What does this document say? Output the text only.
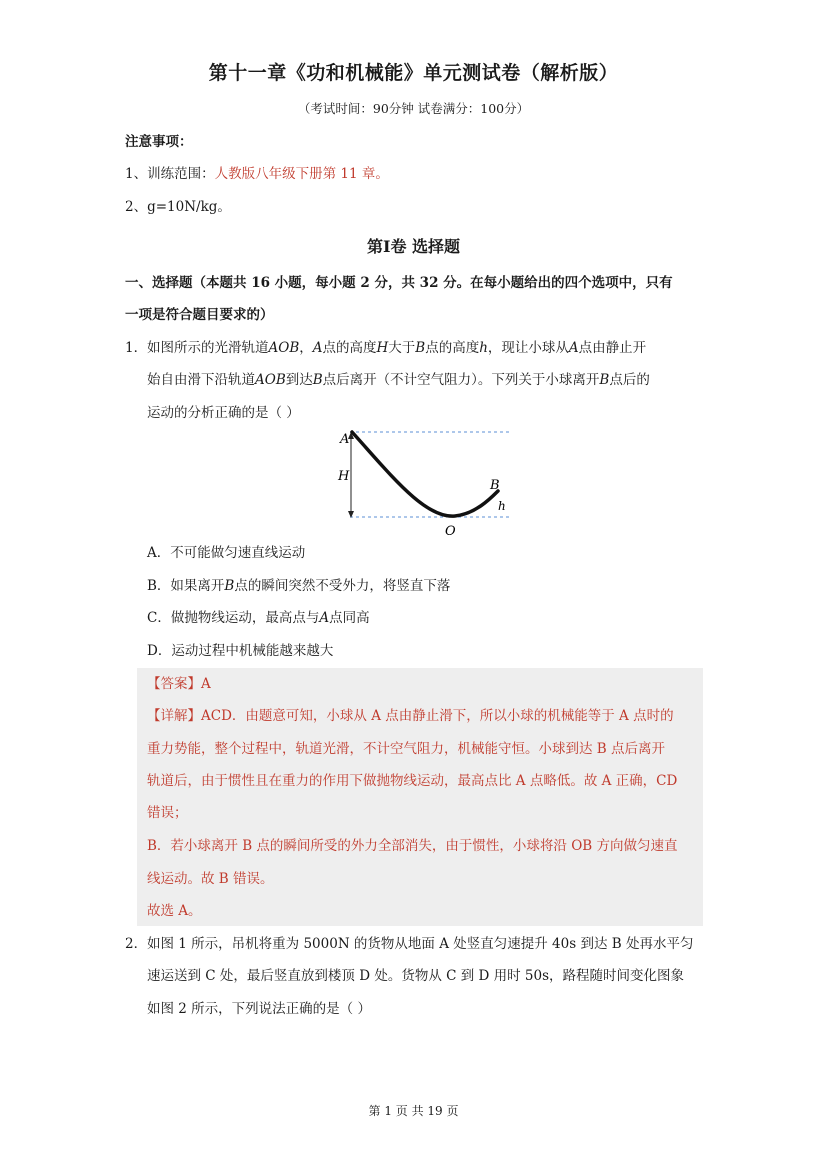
第十一章《功和机械能》单元测试卷（解析版）
（考试时间：90分钟 试卷满分：100分）
注意事项：
1、训练范围：人教版八年级下册第 11 章。
2、g=10N/kg。
第Ⅰ卷 选择题
一、选择题（本题共 16 小题，每小题 2 分，共 32 分。在每小题给出的四个选项中，只有
一项是符合题目要求的）
1． 如图所示的光滑轨道AOB，A点的高度H大于B点的高度h，现让小球从A点由静止开
始自由滑下沿轨道AOB到达B点后离开（不计空气阻力）。下列关于小球离开B点后的
运动的分析正确的是（ ）
A
H
B
h
O
A．不可能做匀速直线运动
B．如果离开B点的瞬间突然不受外力，将竖直下落
C．做抛物线运动，最高点与A点同高
D．运动过程中机械能越来越大
【答案】A
【详解】ACD．由题意可知，小球从 A 点由静止滑下，所以小球的机械能等于 A 点时的
重力势能，整个过程中，轨道光滑，不计空气阻力，机械能守恒。小球到达 B 点后离开
轨道后，由于惯性且在重力的作用下做抛物线运动，最高点比 A 点略低。故 A 正确，CD
错误；
B．若小球离开 B 点的瞬间所受的外力全部消失，由于惯性，小球将沿 OB 方向做匀速直
线运动。故 B 错误。
故选 A。
2． 如图 1 所示，吊机将重为 5000N 的货物从地面 A 处竖直匀速提升 40s 到达 B 处再水平匀
速运送到 C 处，最后竖直放到楼顶 D 处。货物从 C 到 D 用时 50s，路程随时间变化图象
如图 2 所示，下列说法正确的是（ ）
第 1 页 共 19 页
